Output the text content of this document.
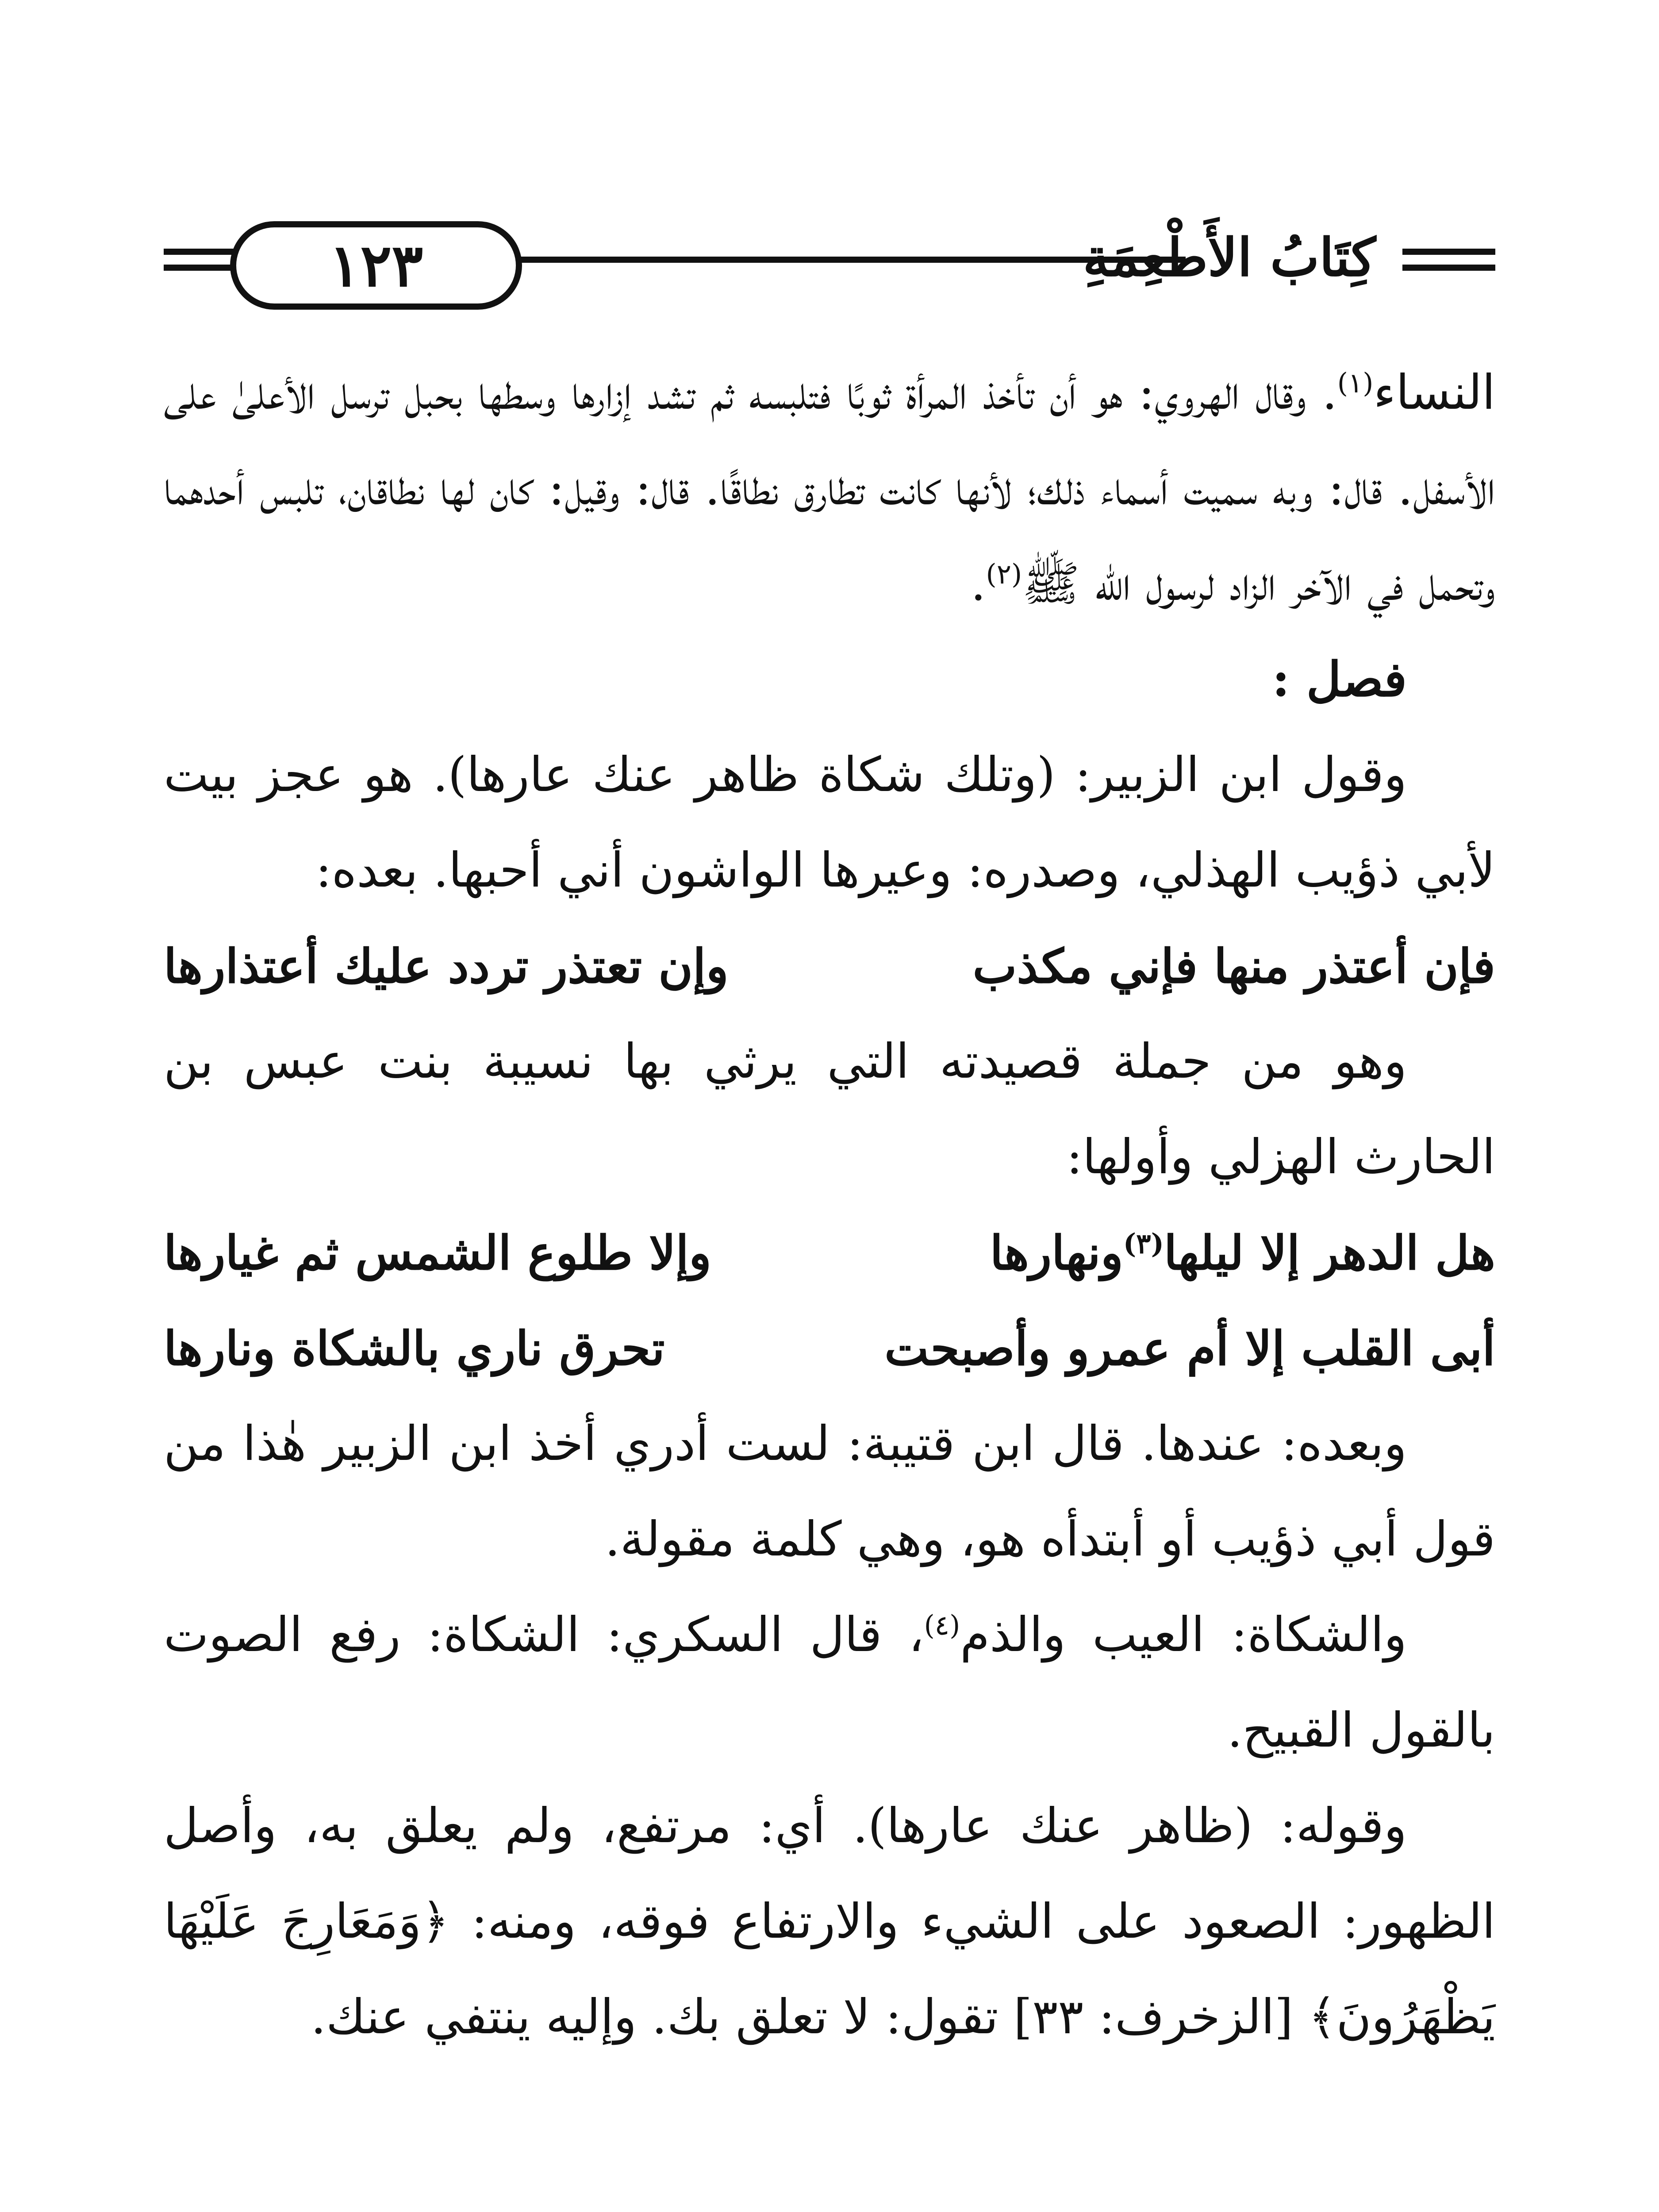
١٢٣	كِتَابُ الأَطْعِمَةِ

النساء$^{(١)}$. وقال الهروي: هو أن تأخذ المرأة ثوبًا فتلبسه ثم تشد إزارها وسطها بحبل ترسل الأعلىٰ على الأسفل. قال: وبه سميت أسماء ذلك؛ لأنها كانت تطارق نطاقًا. قال: وقيل: كان لها نطاقان، تلبس أحدهما وتحمل في الآخر الزاد لرسول الله ﷺ$^{(٢)}$.

فصل :

وقول ابن الزبير: (وتلك شكاة ظاهر عنك عارها). هو عجز بيت لأبي ذؤيب الهذلي، وصدره: وعيرها الواشون أني أحبها. بعده:

فإن أعتذر منها فإني مكذب
وإن تعتذر تردد عليك أعتذارها

وهو من جملة قصيدته التي يرثي بها نسيبة بنت عبس بن الحارث الهزلي وأولها:

هل الدهر إلا ليلها$^{(٣)}$ونهارها
وإلا طلوع الشمس ثم غيارها

أبى القلب إلا أم عمرو وأصبحت
تحرق ناري بالشكاة ونارها

وبعده: عندها. قال ابن قتيبة: لست أدري أخذ ابن الزبير هٰذا من قول أبي ذؤيب أو أبتدأه هو، وهي كلمة مقولة.

والشكاة: العيب والذم$^{(٤)}$، قال السكري: الشكاة: رفع الصوت بالقول القبيح.

وقوله: (ظاهر عنك عارها). أي: مرتفع، ولم يعلق به، وأصل الظهور: الصعود على الشيء والارتفاع فوقه، ومنه: ﴿وَمَعَارِجَ عَلَيْهَا يَظْهَرُونَ﴾ [الزخرف: ٣٣] تقول: لا تعلق بك. وإليه ينتفي عنك.
